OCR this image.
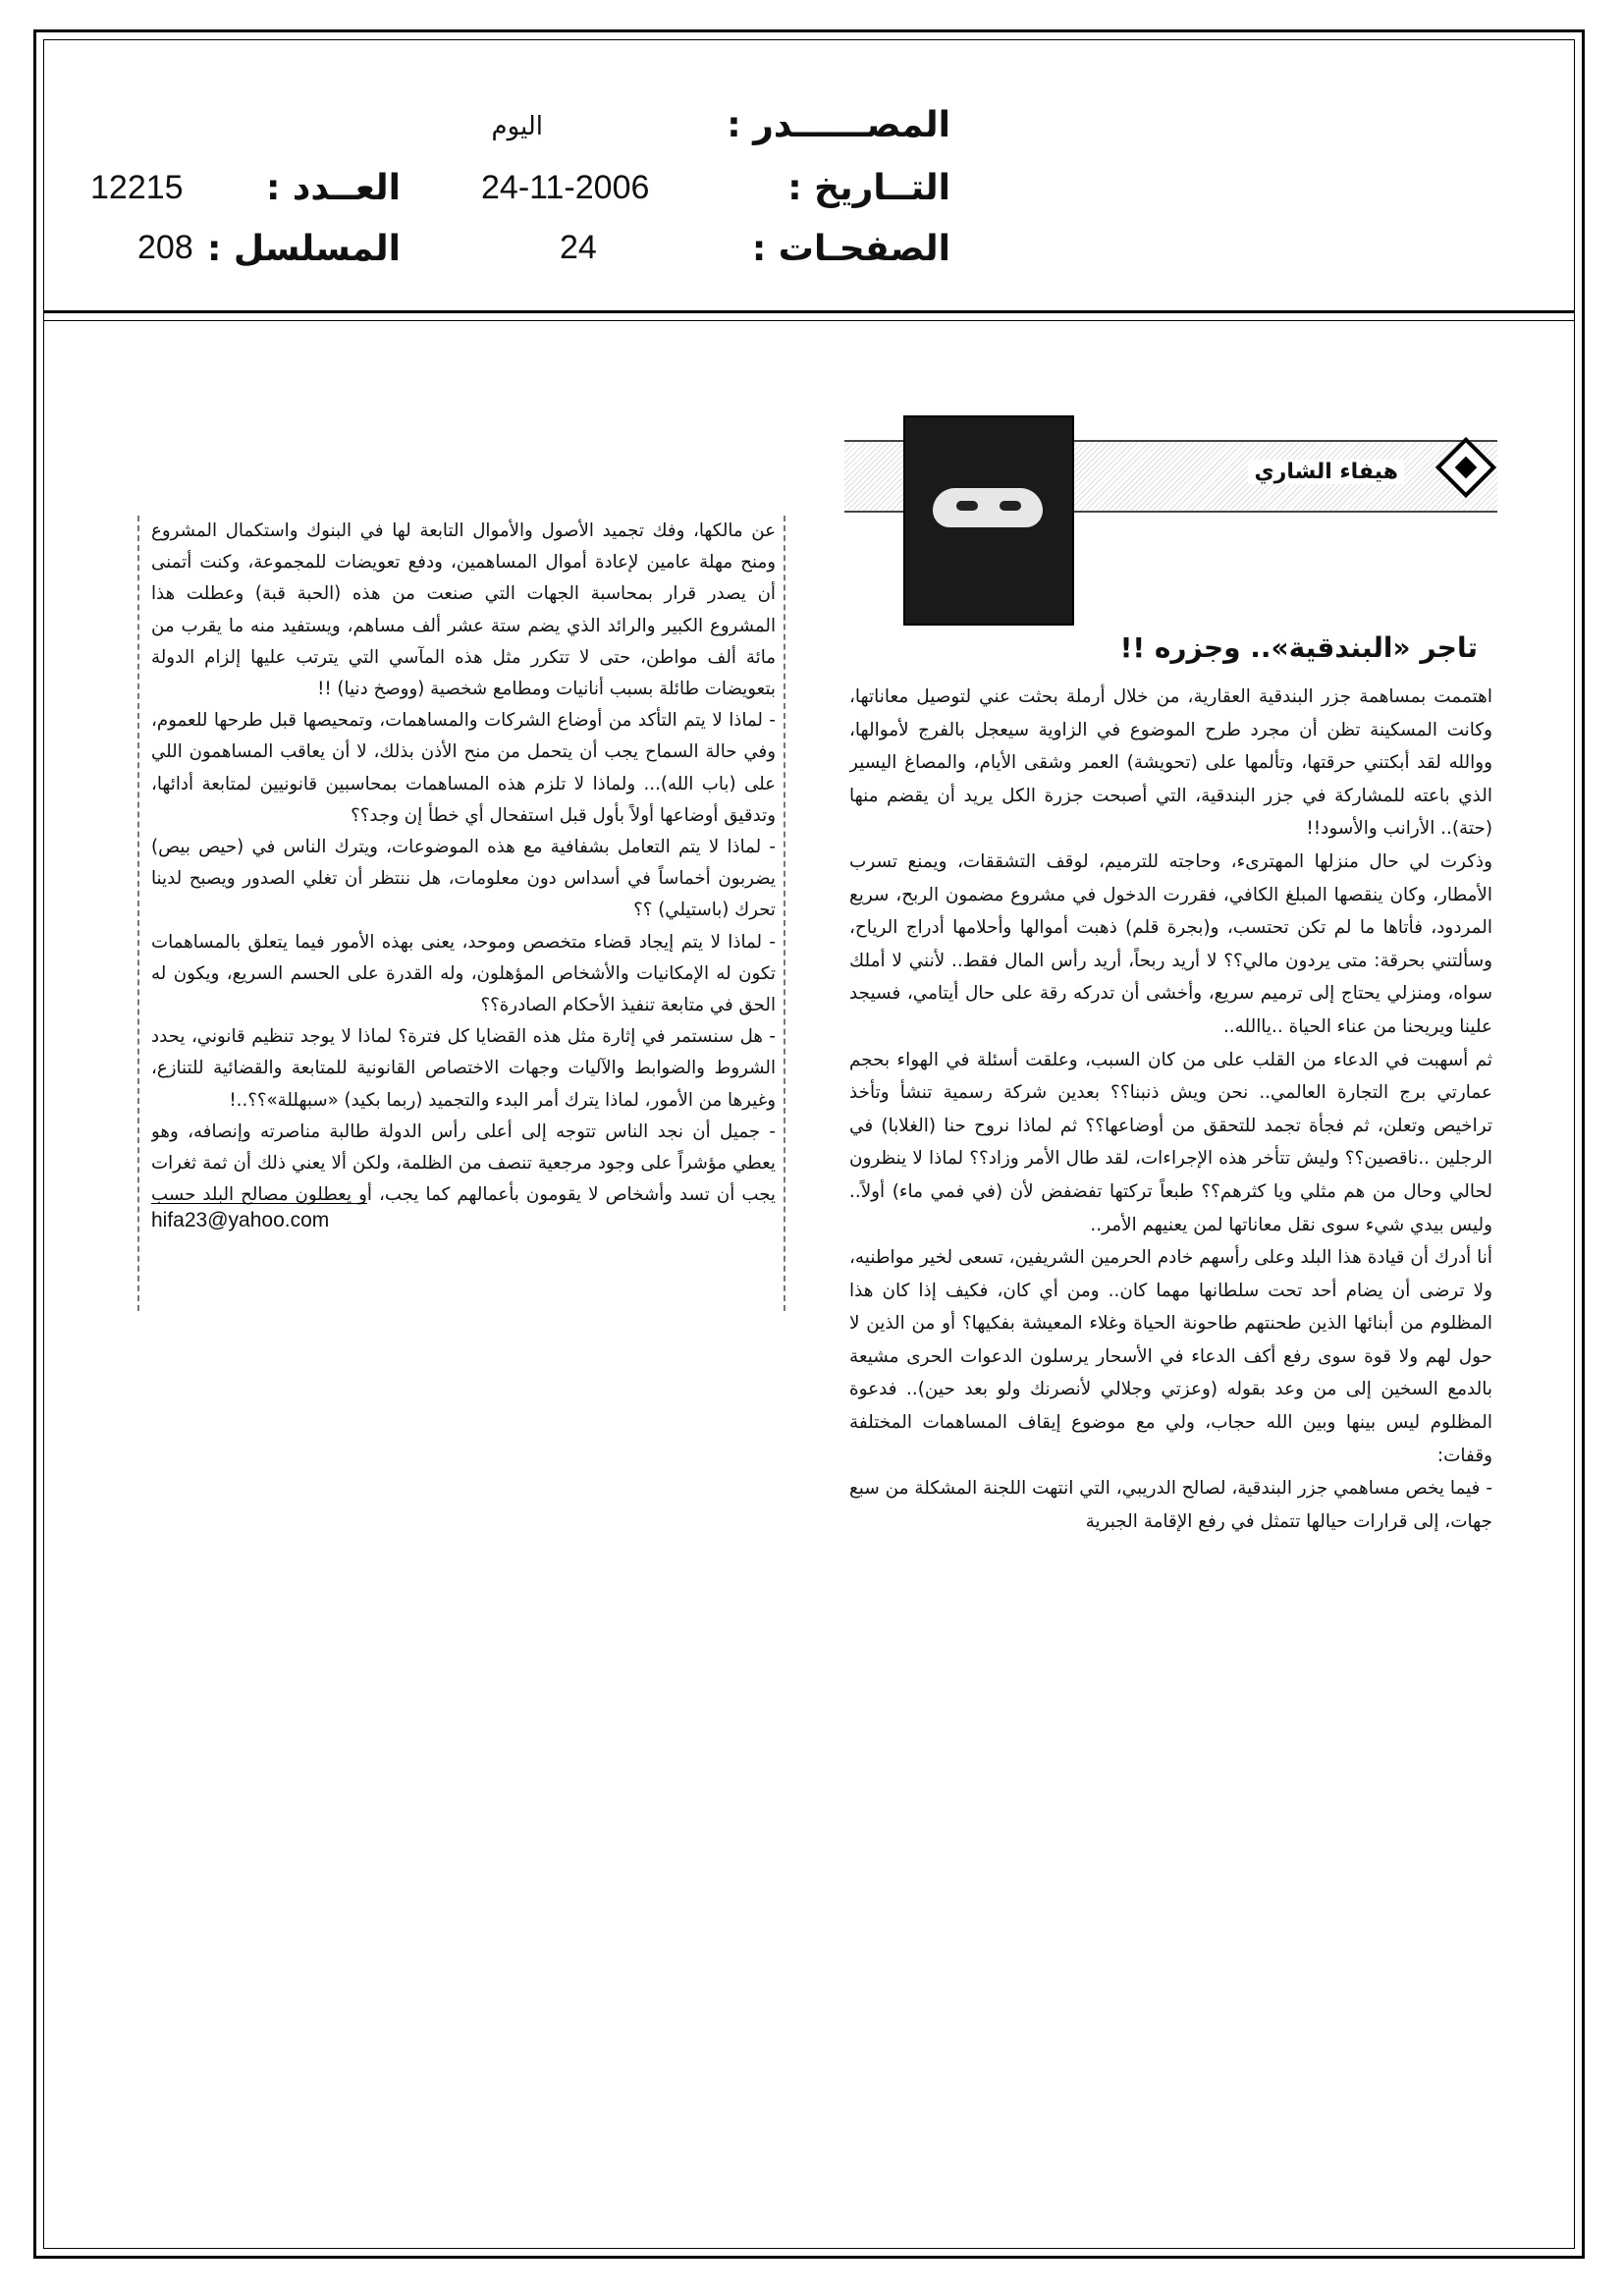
المصــــــدر :
اليوم
التــاريخ :
24-11-2006
العــدد :
12215
الصفحـات :
24
المسلسل :
208
هيفاء الشاري
تاجر «البندقية».. وجزره !!

اهتممت بمساهمة جزر البندقية العقارية، من خلال أرملة بحثت عني لتوصيل معاناتها، وكانت المسكينة تظن أن مجرد طرح الموضوع في الزاوية سيعجل بالفرج لأموالها، ووالله لقد أبكتني حرقتها، وتألمها على (تحويشة) العمر وشقى الأيام، والمصاغ اليسير الذي باعته للمشاركة في جزر البندقية، التي أصبحت جزرة الكل يريد أن يقضم منها (حتة).. الأرانب والأسود!!

وذكرت لي حال منزلها المهترىء، وحاجته للترميم، لوقف التشققات، ويمنع تسرب الأمطار، وكان ينقصها المبلغ الكافي، فقررت الدخول في مشروع مضمون الربح، سريع المردود، فأتاها ما لم تكن تحتسب، و(بجرة قلم) ذهبت أموالها وأحلامها أدراج الرياح، وسألتني بحرقة: متى يردون مالي؟؟ لا أريد ربحاً، أريد رأس المال فقط.. لأنني لا أملك سواه، ومنزلي يحتاج إلى ترميم سريع، وأخشى أن تدركه رقة على حال أيتامي، فسيجد علينا ويريحنا من عناء الحياة ..ياالله..

ثم أسهبت في الدعاء من القلب على من كان السبب، وعلقت أسئلة في الهواء بحجم عمارتي برج التجارة العالمي.. نحن ويش ذنبنا؟؟ بعدين شركة رسمية تنشأ وتأخذ تراخيص وتعلن، ثم فجأة تجمد للتحقق من أوضاعها؟؟ ثم لماذا نروح حنا (الغلابا) في الرجلين ..ناقصين؟؟ وليش تتأخر هذه الإجراءات، لقد طال الأمر وزاد؟؟ لماذا لا ينظرون لحالي وحال من هم مثلي ويا كثرهم؟؟ طبعاً تركتها تفضفض لأن (في فمي ماء) أولاً.. وليس بيدي شيء سوى نقل معاناتها لمن يعنيهم الأمر..

أنا أدرك أن قيادة هذا البلد وعلى رأسهم خادم الحرمين الشريفين، تسعى لخير مواطنيه، ولا ترضى أن يضام أحد تحت سلطانها مهما كان.. ومن أي كان، فكيف إذا كان هذا المظلوم من أبنائها الذين طحنتهم طاحونة الحياة وغلاء المعيشة بفكيها؟ أو من الذين لا حول لهم ولا قوة سوى رفع أكف الدعاء في الأسحار يرسلون الدعوات الحرى مشيعة بالدمع السخين إلى من وعد بقوله (وعزتي وجلالي لأنصرنك ولو بعد حين).. فدعوة المظلوم ليس بينها وبين الله حجاب، ولي مع موضوع إيقاف المساهمات المختلفة وقفات:

- فيما يخص مساهمي جزر البندقية، لصالح الدريبي، التي انتهت اللجنة المشكلة من سبع جهات، إلى قرارات حيالها تتمثل في رفع الإقامة الجبرية

عن مالكها، وفك تجميد الأصول والأموال التابعة لها في البنوك واستكمال المشروع ومنح مهلة عامين لإعادة أموال المساهمين، ودفع تعويضات للمجموعة، وكنت أتمنى أن يصدر قرار بمحاسبة الجهات التي صنعت من هذه (الحبة قبة) وعطلت هذا المشروع الكبير والرائد الذي يضم ستة عشر ألف مساهم، ويستفيد منه ما يقرب من مائة ألف مواطن، حتى لا تتكرر مثل هذه المآسي التي يترتب عليها إلزام الدولة بتعويضات طائلة بسبب أنانيات ومطامع شخصية (ووصخ دنيا) !!

- لماذا لا يتم التأكد من أوضاع الشركات والمساهمات، وتمحيصها قبل طرحها للعموم، وفي حالة السماح يجب أن يتحمل من منح الأذن بذلك، لا أن يعاقب المساهمون اللي على (باب الله)... ولماذا لا تلزم هذه المساهمات بمحاسبين قانونيين لمتابعة أدائها، وتدقيق أوضاعها أولاً بأول قبل استفحال أي خطأ إن وجد؟؟

- لماذا لا يتم التعامل بشفافية مع هذه الموضوعات، ويترك الناس في (حيص بيص) يضربون أخماساً في أسداس دون معلومات، هل ننتظر أن تغلي الصدور ويصبح لدينا تحرك (باستيلي) ؟؟

- لماذا لا يتم إيجاد قضاء متخصص وموحد، يعنى بهذه الأمور فيما يتعلق بالمساهمات تكون له الإمكانيات والأشخاص المؤهلون، وله القدرة على الحسم السريع، ويكون له الحق في متابعة تنفيذ الأحكام الصادرة؟؟

- هل سنستمر في إثارة مثل هذه القضايا كل فترة؟ لماذا لا يوجد تنظيم قانوني، يحدد الشروط والضوابط والآليات وجهات الاختصاص القانونية للمتابعة والقضائية للتنازع، وغيرها من الأمور، لماذا يترك أمر البدء والتجميد (ربما بكيد) «سبهللة»؟؟..!

- جميل أن نجد الناس تتوجه إلى أعلى رأس الدولة طالبة مناصرته وإنصافه، وهو يعطي مؤشراً على وجود مرجعية تنصف من الظلمة، ولكن ألا يعني ذلك أن ثمة ثغرات يجب أن تسد وأشخاص لا يقومون بأعمالهم كما يجب، أو يعطلون مصالح البلد حسب

hifa23@yahoo.com
